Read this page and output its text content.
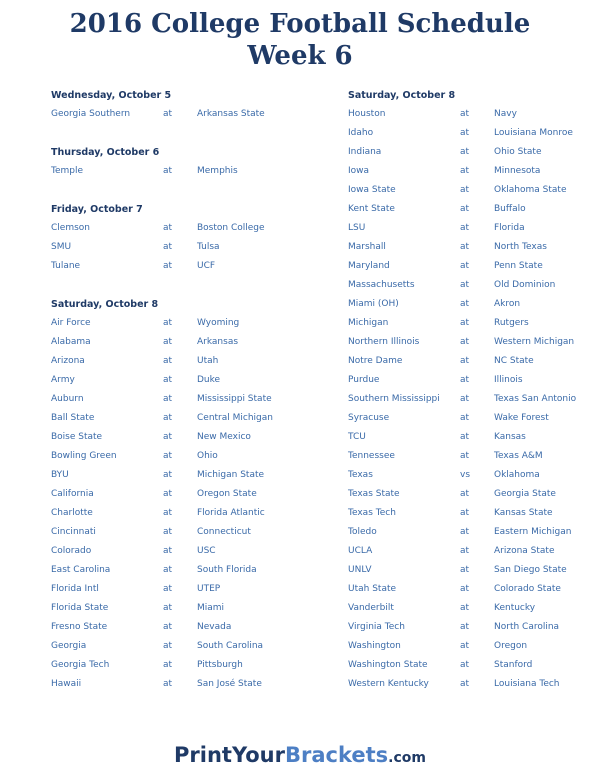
2016 College Football Schedule
Week 6
Wednesday, October 5
Georgia Southern	at	Arkansas State
Thursday, October 6
Temple	at	Memphis
Friday, October 7
Clemson	at	Boston College
SMU	at	Tulsa
Tulane	at	UCF
Saturday, October 8
Air Force	at	Wyoming
Alabama	at	Arkansas
Arizona	at	Utah
Army	at	Duke
Auburn	at	Mississippi State
Ball State	at	Central Michigan
Boise State	at	New Mexico
Bowling Green	at	Ohio
BYU	at	Michigan State
California	at	Oregon State
Charlotte	at	Florida Atlantic
Cincinnati	at	Connecticut
Colorado	at	USC
East Carolina	at	South Florida
Florida Intl	at	UTEP
Florida State	at	Miami
Fresno State	at	Nevada
Georgia	at	South Carolina
Georgia Tech	at	Pittsburgh
Hawaii	at	San José State
Saturday, October 8
Houston	at	Navy
Idaho	at	Louisiana Monroe
Indiana	at	Ohio State
Iowa	at	Minnesota
Iowa State	at	Oklahoma State
Kent State	at	Buffalo
LSU	at	Florida
Marshall	at	North Texas
Maryland	at	Penn State
Massachusetts	at	Old Dominion
Miami (OH)	at	Akron
Michigan	at	Rutgers
Northern Illinois	at	Western Michigan
Notre Dame	at	NC State
Purdue	at	Illinois
Southern Mississippi at	Texas San Antonio
Syracuse	at	Wake Forest
TCU	at	Kansas
Tennessee	at	Texas A&M
Texas	vs	Oklahoma
Texas State	at	Georgia State
Texas Tech	at	Kansas State
Toledo	at	Eastern Michigan
UCLA	at	Arizona State
UNLV	at	San Diego State
Utah State	at	Colorado State
Vanderbilt	at	Kentucky
Virginia Tech	at	North Carolina
Washington	at	Oregon
Washington State	at	Stanford
Western Kentucky	at	Louisiana Tech
PrintYourBrackets.com
